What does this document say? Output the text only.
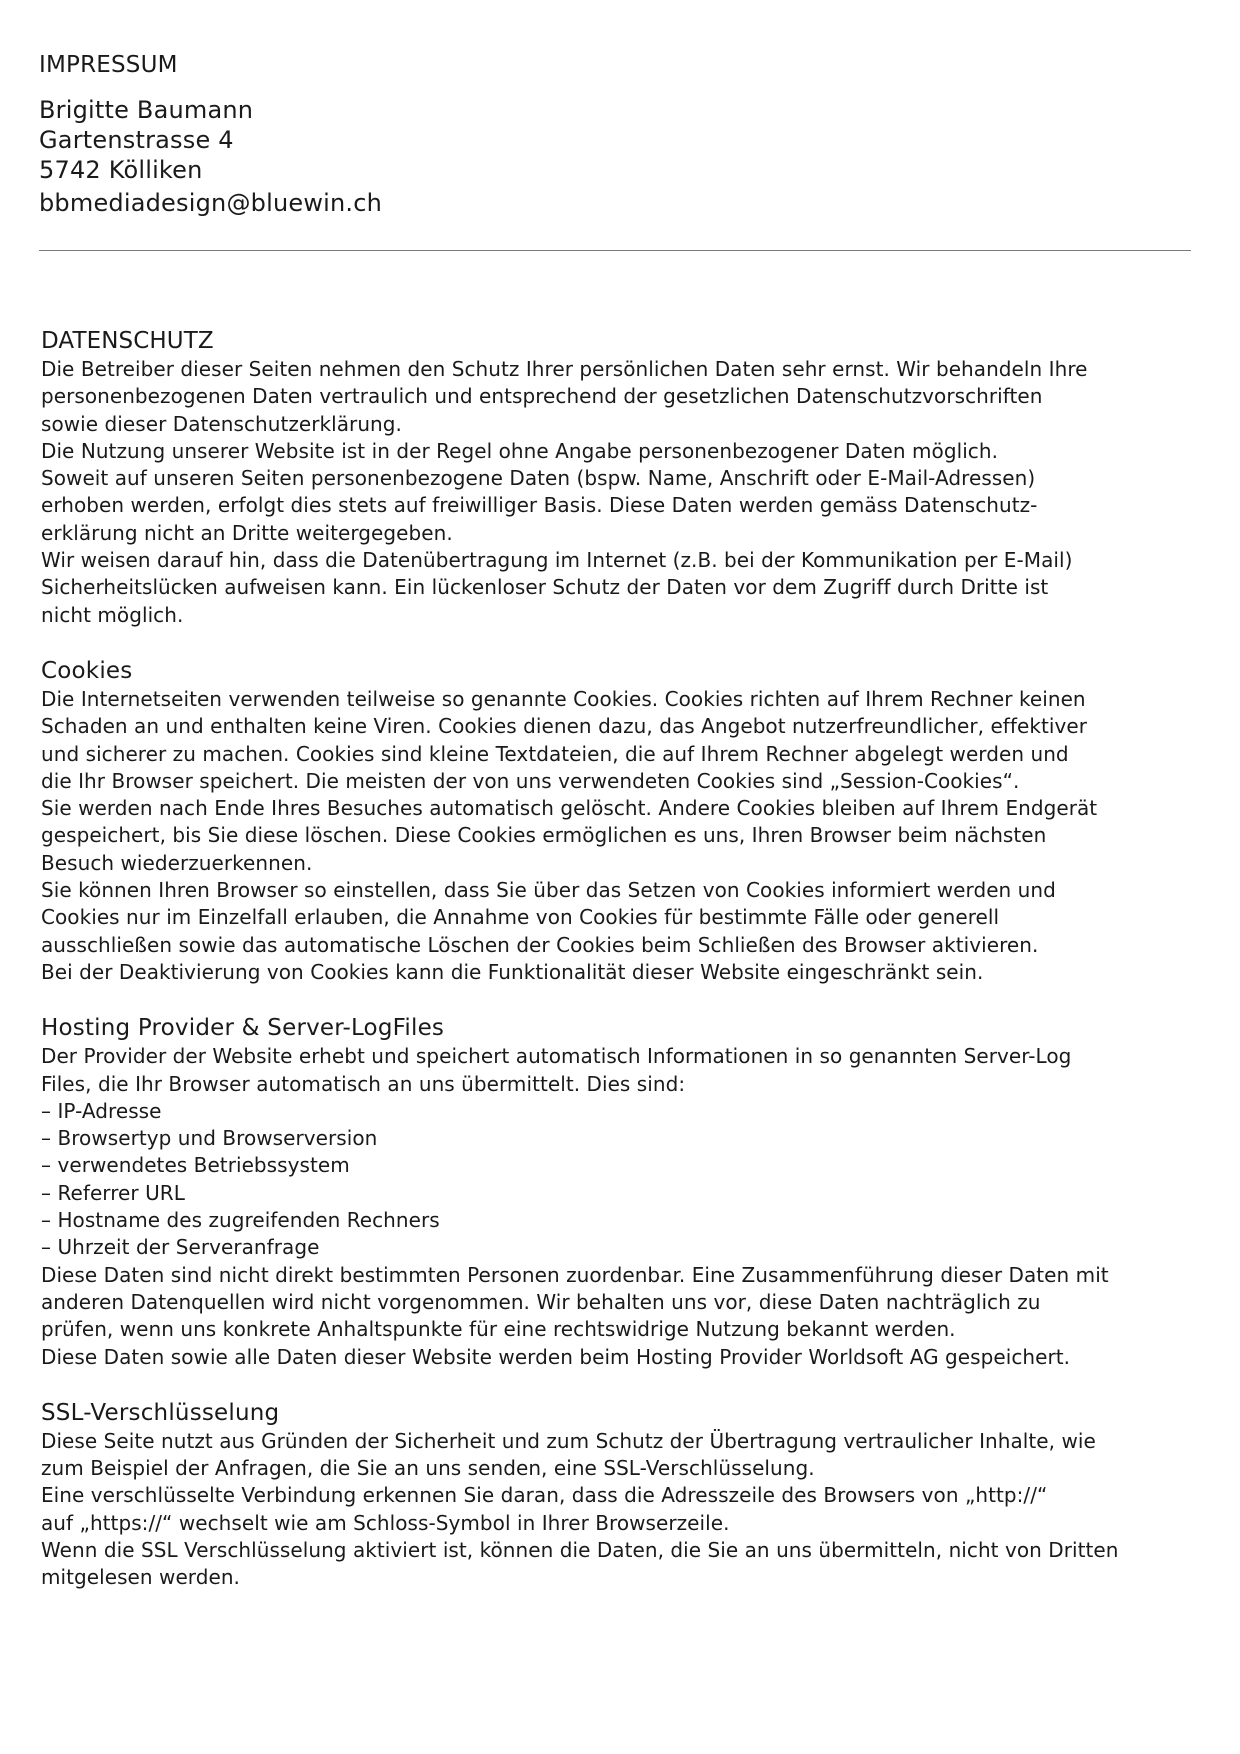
IMPRESSUM

Brigitte Baumann

Gartenstrasse 4

5742 Kölliken

bbmediadesign@bluewin.ch

DATENSCHUTZ

Die Betreiber dieser Seiten nehmen den Schutz Ihrer persönlichen Daten sehr ernst. Wir behandeln Ihre

personenbezogenen Daten vertraulich und entsprechend der gesetzlichen Datenschutzvorschriften

sowie dieser Datenschutzerklärung.

Die Nutzung unserer Website ist in der Regel ohne Angabe personenbezogener Daten möglich.

Soweit auf unseren Seiten personenbezogene Daten (bspw. Name, Anschrift oder E-Mail-Adressen)

erhoben werden, erfolgt dies stets auf freiwilliger Basis. Diese Daten werden gemäss Datenschutz-

erklärung nicht an Dritte weitergegeben.

Wir weisen darauf hin, dass die Datenübertragung im Internet (z.B. bei der Kommunikation per E-Mail)

Sicherheitslücken aufweisen kann. Ein lückenloser Schutz der Daten vor dem Zugriff durch Dritte ist

nicht möglich.

Cookies

Die Internetseiten verwenden teilweise so genannte Cookies. Cookies richten auf Ihrem Rechner keinen

Schaden an und enthalten keine Viren. Cookies dienen dazu, das Angebot nutzerfreundlicher, effektiver

und sicherer zu machen. Cookies sind kleine Textdateien, die auf Ihrem Rechner abgelegt werden und

die Ihr Browser speichert. Die meisten der von uns verwendeten Cookies sind „Session-Cookies“.

Sie werden nach Ende Ihres Besuches automatisch gelöscht. Andere Cookies bleiben auf Ihrem Endgerät

gespeichert, bis Sie diese löschen. Diese Cookies ermöglichen es uns, Ihren Browser beim nächsten

Besuch wiederzuerkennen.

Sie können Ihren Browser so einstellen, dass Sie über das Setzen von Cookies informiert werden und

Cookies nur im Einzelfall erlauben, die Annahme von Cookies für bestimmte Fälle oder generell

ausschließen sowie das automatische Löschen der Cookies beim Schließen des Browser aktivieren.

Bei der Deaktivierung von Cookies kann die Funktionalität dieser Website eingeschränkt sein.

Hosting Provider & Server-LogFiles

Der Provider der Website erhebt und speichert automatisch Informationen in so genannten Server-Log

Files, die Ihr Browser automatisch an uns übermittelt. Dies sind:

– IP-Adresse

– Browsertyp und Browserversion

– verwendetes Betriebssystem

– Referrer URL

– Hostname des zugreifenden Rechners

– Uhrzeit der Serveranfrage

Diese Daten sind nicht direkt bestimmten Personen zuordenbar. Eine Zusammenführung dieser Daten mit

anderen Datenquellen wird nicht vorgenommen. Wir behalten uns vor, diese Daten nachträglich zu

prüfen, wenn uns konkrete Anhaltspunkte für eine rechtswidrige Nutzung bekannt werden.

Diese Daten sowie alle Daten dieser Website werden beim Hosting Provider Worldsoft AG gespeichert.

SSL-Verschlüsselung

Diese Seite nutzt aus Gründen der Sicherheit und zum Schutz der Übertragung vertraulicher Inhalte, wie

zum Beispiel der Anfragen, die Sie an uns senden, eine SSL-Verschlüsselung.

Eine verschlüsselte Verbindung erkennen Sie daran, dass die Adresszeile des Browsers von „http://“

auf „https://“ wechselt wie am Schloss-Symbol in Ihrer Browserzeile.

Wenn die SSL Verschlüsselung aktiviert ist, können die Daten, die Sie an uns übermitteln, nicht von Dritten

mitgelesen werden.
